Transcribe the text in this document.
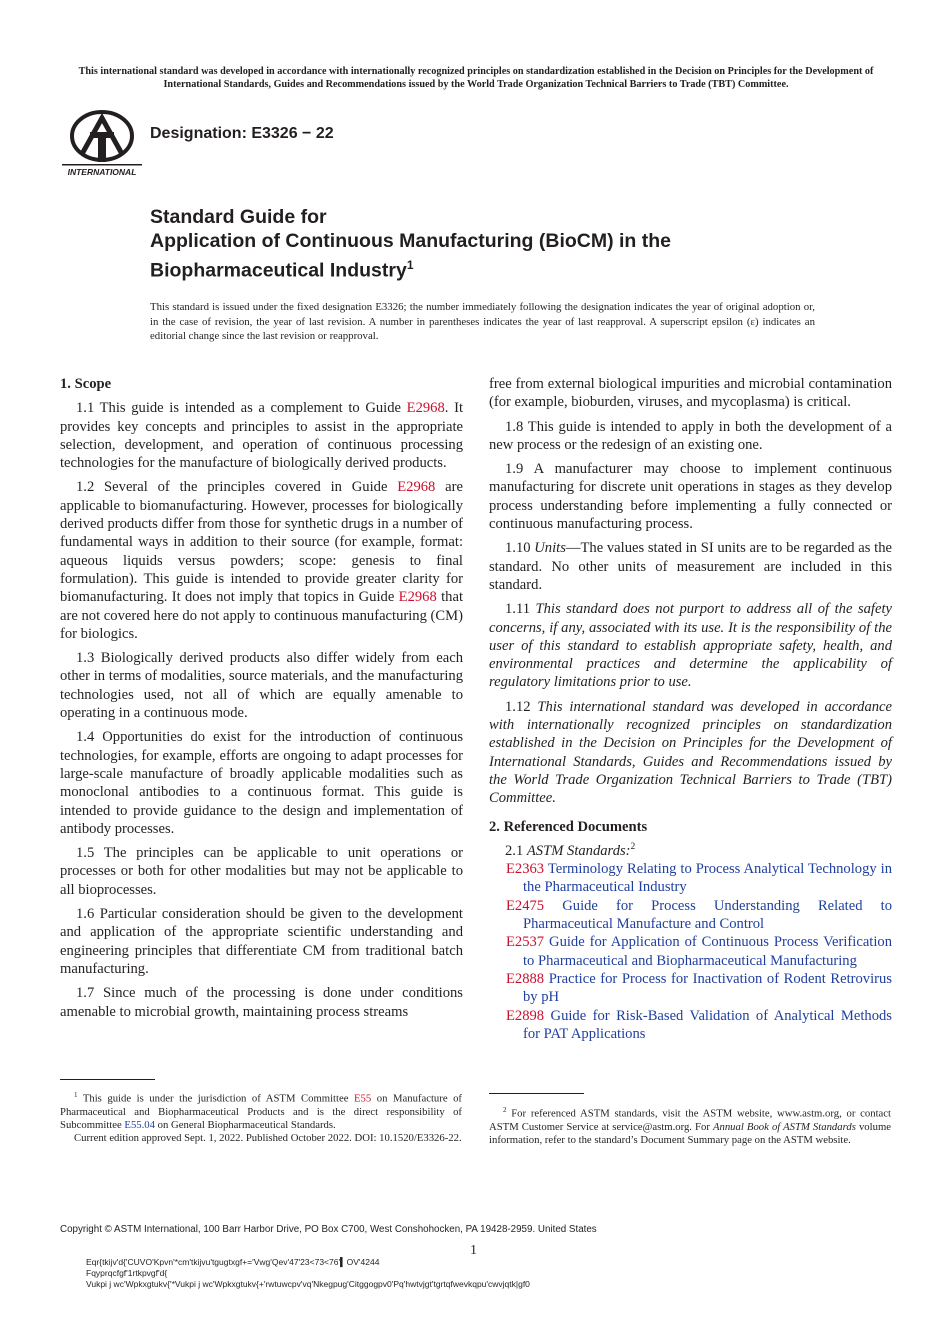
This international standard was developed in accordance with internationally recognized principles on standardization established in the Decision on Principles for the Development of International Standards, Guides and Recommendations issued by the World Trade Organization Technical Barriers to Trade (TBT) Committee.
INTERNATIONAL
Designation: E3326 − 22
Standard Guide for
Application of Continuous Manufacturing (BioCM) in the
Biopharmaceutical Industry$^1$
This standard is issued under the fixed designation E3326; the number immediately following the designation indicates the year of original adoption or, in the case of revision, the year of last revision. A number in parentheses indicates the year of last reapproval. A superscript epsilon (ε) indicates an editorial change since the last revision or reapproval.
1. Scope

1.1 This guide is intended as a complement to Guide E2968. It provides key concepts and principles to assist in the appropriate selection, development, and operation of continuous processing technologies for the manufacture of biologically derived products.

1.2 Several of the principles covered in Guide E2968 are applicable to biomanufacturing. However, processes for biologically derived products differ from those for synthetic drugs in a number of fundamental ways in addition to their source (for example, format: aqueous liquids versus powders; scope: genesis to final formulation). This guide is intended to provide greater clarity for biomanufacturing. It does not imply that topics in Guide E2968 that are not covered here do not apply to continuous manufacturing (CM) for biologics.

1.3 Biologically derived products also differ widely from each other in terms of modalities, source materials, and the manufacturing technologies used, not all of which are equally amenable to operating in a continuous mode.

1.4 Opportunities do exist for the introduction of continuous technologies, for example, efforts are ongoing to adapt processes for large-scale manufacture of broadly applicable modalities such as monoclonal antibodies to a continuous format. This guide is intended to provide guidance to the design and implementation of antibody processes.

1.5 The principles can be applicable to unit operations or processes or both for other modalities but may not be applicable to all bioprocesses.

1.6 Particular consideration should be given to the development and application of the appropriate scientific understanding and engineering principles that differentiate CM from traditional batch manufacturing.

1.7 Since much of the processing is done under conditions amenable to microbial growth, maintaining process streams

$^1$ This guide is under the jurisdiction of ASTM Committee E55 on Manufacture of Pharmaceutical and Biopharmaceutical Products and is the direct responsibility of Subcommittee E55.04 on General Biopharmaceutical Standards.

Current edition approved Sept. 1, 2022. Published October 2022. DOI: 10.1520/E3326-22.

free from external biological impurities and microbial contamination (for example, bioburden, viruses, and mycoplasma) is critical.

1.8 This guide is intended to apply in both the development of a new process or the redesign of an existing one.

1.9 A manufacturer may choose to implement continuous manufacturing for discrete unit operations in stages as they develop process understanding before implementing a fully connected or continuous manufacturing process.

1.10 Units—The values stated in SI units are to be regarded as the standard. No other units of measurement are included in this standard.

1.11 This standard does not purport to address all of the safety concerns, if any, associated with its use. It is the responsibility of the user of this standard to establish appropriate safety, health, and environmental practices and determine the applicability of regulatory limitations prior to use.

1.12 This international standard was developed in accordance with internationally recognized principles on standardization established in the Decision on Principles for the Development of International Standards, Guides and Recommendations issued by the World Trade Organization Technical Barriers to Trade (TBT) Committee.

2. Referenced Documents

2.1 ASTM Standards:$^2$

E2363 Terminology Relating to Process Analytical Technology in the Pharmaceutical Industry
E2475 Guide for Process Understanding Related to Pharmaceutical Manufacture and Control
E2537 Guide for Application of Continuous Process Verification to Pharmaceutical and Biopharmaceutical Manufacturing
E2888 Practice for Process for Inactivation of Rodent Retrovirus by pH
E2898 Guide for Risk-Based Validation of Analytical Methods for PAT Applications

$^2$ For referenced ASTM standards, visit the ASTM website, www.astm.org, or contact ASTM Customer Service at service@astm.org. For Annual Book of ASTM Standards volume information, refer to the standard’s Document Summary page on the ASTM website.

Copyright © ASTM International, 100 Barr Harbor Drive, PO Box C700, West Conshohocken, PA 19428-2959. United States
1
Eqr{tkijv'd{'CUVO'Kpvn'*cm'tkijvu'tgugtxgf+='Vwg'Qev'47'23<73<76'▍OV'4244
Fqyprqcfgf'1rtkpvgf'd{
Vukpi j wc'Wpkxgtukv{'*Vukpi j wc'Wpkxgtukv{+'rwtuwcpv'vq'Nkegpug'Citggogpv0'Pq'hwtvjgt'tgrtqfwevkqpu'cwvjqtk|gf0
